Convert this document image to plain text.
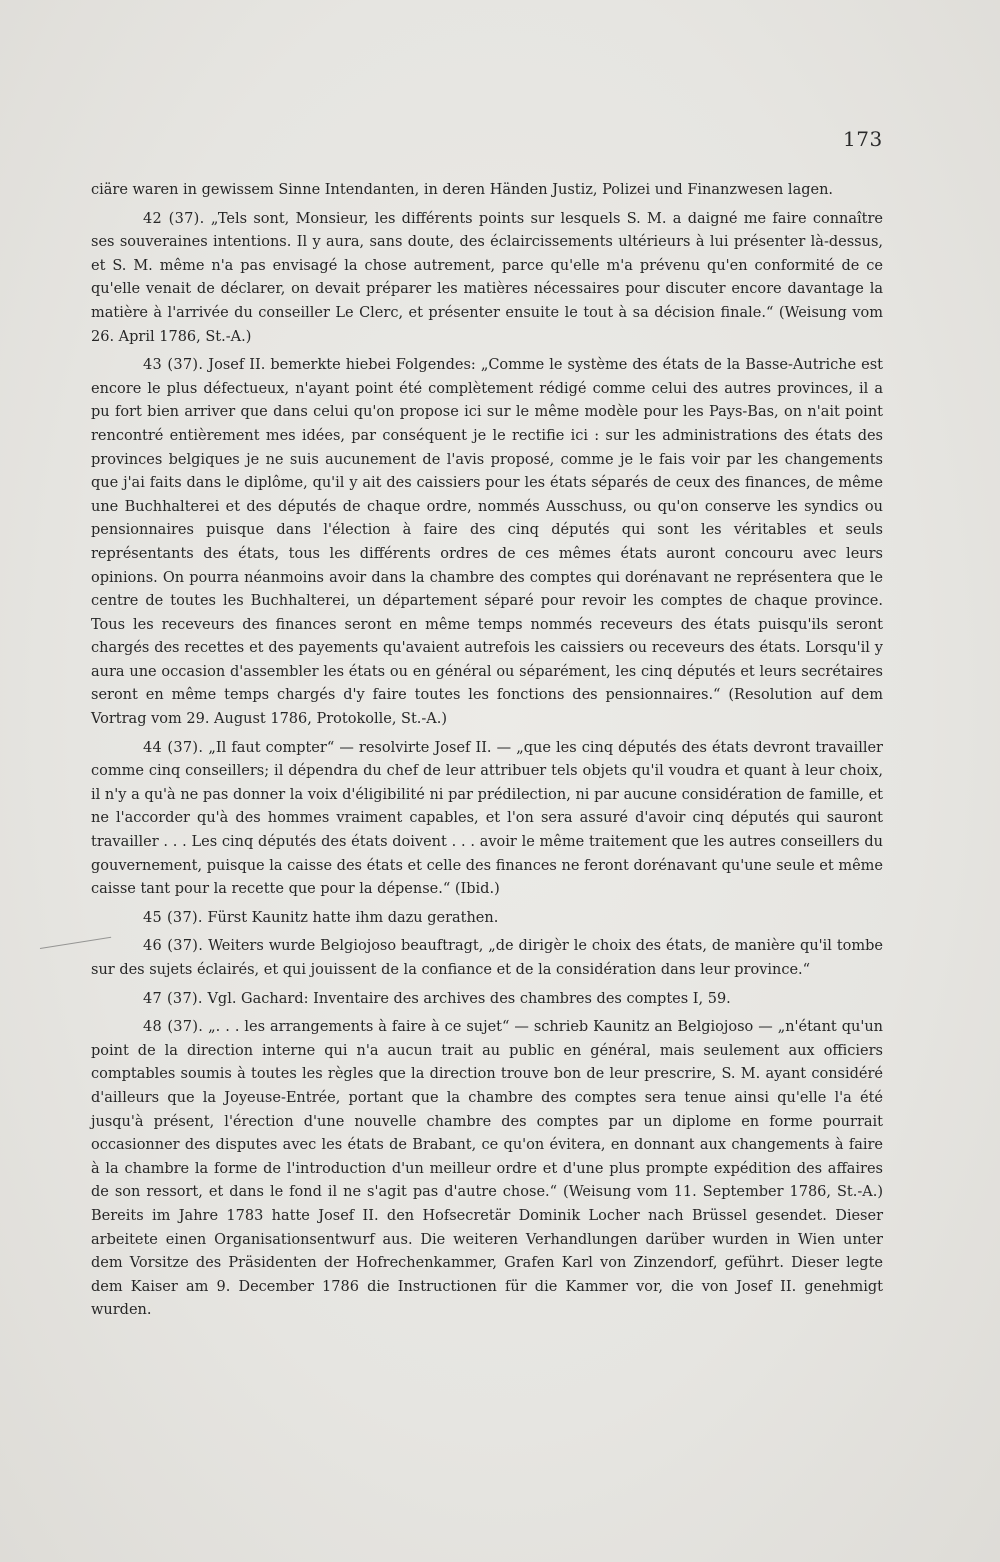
173

ciäre waren in gewissem Sinne Intendanten, in deren Händen Justiz, Polizei und Finanzwesen lagen.

42 (37). „Tels sont, Monsieur, les différents points sur lesquels S. M. a daigné me faire connaître ses souveraines intentions. Il y aura, sans doute, des éclaircissements ultérieurs à lui présenter là-dessus, et S. M. même n'a pas envisagé la chose autrement, parce qu'elle m'a prévenu qu'en conformité de ce qu'elle venait de déclarer, on devait préparer les matières nécessaires pour discuter encore davantage la matière à l'arrivée du conseiller Le Clerc, et présenter ensuite le tout à sa décision finale.“ (Weisung vom 26. April 1786, St.-A.)

43 (37). Josef II. bemerkte hiebei Folgendes: „Comme le système des états de la Basse-Autriche est encore le plus défectueux, n'ayant point été complètement rédigé comme celui des autres provinces, il a pu fort bien arriver que dans celui qu'on propose ici sur le même modèle pour les Pays-Bas, on n'ait point rencontré entièrement mes idées, par conséquent je le rectifie ici : sur les administrations des états des provinces belgiques je ne suis aucunement de l'avis proposé, comme je le fais voir par les changements que j'ai faits dans le diplôme, qu'il y ait des caissiers pour les états séparés de ceux des finances, de même une Buchhalterei et des députés de chaque ordre, nommés Ausschuss, ou qu'on conserve les syndics ou pensionnaires puisque dans l'élection à faire des cinq députés qui sont les véritables et seuls représentants des états, tous les différents ordres de ces mêmes états auront concouru avec leurs opinions. On pourra néanmoins avoir dans la chambre des comptes qui dorénavant ne représentera que le centre de toutes les Buchhalterei, un département séparé pour revoir les comptes de chaque province. Tous les receveurs des finances seront en même temps nommés receveurs des états puisqu'ils seront chargés des recettes et des payements qu'avaient autrefois les caissiers ou receveurs des états. Lorsqu'il y aura une occasion d'assembler les états ou en général ou séparément, les cinq députés et leurs secrétaires seront en même temps chargés d'y faire toutes les fonctions des pensionnaires.“ (Resolution auf dem Vortrag vom 29. August 1786, Protokolle, St.-A.)

44 (37). „Il faut compter“ — resolvirte Josef II. — „que les cinq députés des états devront travailler comme cinq conseillers; il dépendra du chef de leur attribuer tels objets qu'il voudra et quant à leur choix, il n'y a qu'à ne pas donner la voix d'éligibilité ni par prédilection, ni par aucune considération de famille, et ne l'accorder qu'à des hommes vraiment capables, et l'on sera assuré d'avoir cinq députés qui sauront travailler . . . Les cinq députés des états doivent . . . avoir le même traitement que les autres conseillers du gouvernement, puisque la caisse des états et celle des finances ne feront dorénavant qu'une seule et même caisse tant pour la recette que pour la dépense.“ (Ibid.)

45 (37). Fürst Kaunitz hatte ihm dazu gerathen.

46 (37). Weiters wurde Belgiojoso beauftragt, „de dirigèr le choix des états, de manière qu'il tombe sur des sujets éclairés, et qui jouissent de la confiance et de la considération dans leur province.“

47 (37). Vgl. Gachard: Inventaire des archives des chambres des comptes I, 59.

48 (37). „. . . les arrangements à faire à ce sujet“ — schrieb Kaunitz an Belgiojoso — „n'étant qu'un point de la direction interne qui n'a aucun trait au public en général, mais seulement aux officiers comptables soumis à toutes les règles que la direction trouve bon de leur prescrire, S. M. ayant considéré d'ailleurs que la Joyeuse-Entrée, portant que la chambre des comptes sera tenue ainsi qu'elle l'a été jusqu'à présent, l'érection d'une nouvelle chambre des comptes par un diplome en forme pourrait occasionner des disputes avec les états de Brabant, ce qu'on évitera, en donnant aux changements à faire à la chambre la forme de l'introduction d'un meilleur ordre et d'une plus prompte expédition des affaires de son ressort, et dans le fond il ne s'agit pas d'autre chose.“ (Weisung vom 11. September 1786, St.-A.) Bereits im Jahre 1783 hatte Josef II. den Hofsecretär Dominik Locher nach Brüssel gesendet. Dieser arbeitete einen Organisationsentwurf aus. Die weiteren Verhandlungen darüber wurden in Wien unter dem Vorsitze des Präsidenten der Hofrechenkammer, Grafen Karl von Zinzendorf, geführt. Dieser legte dem Kaiser am 9. December 1786 die Instructionen für die Kammer vor, die von Josef II. genehmigt wurden.
